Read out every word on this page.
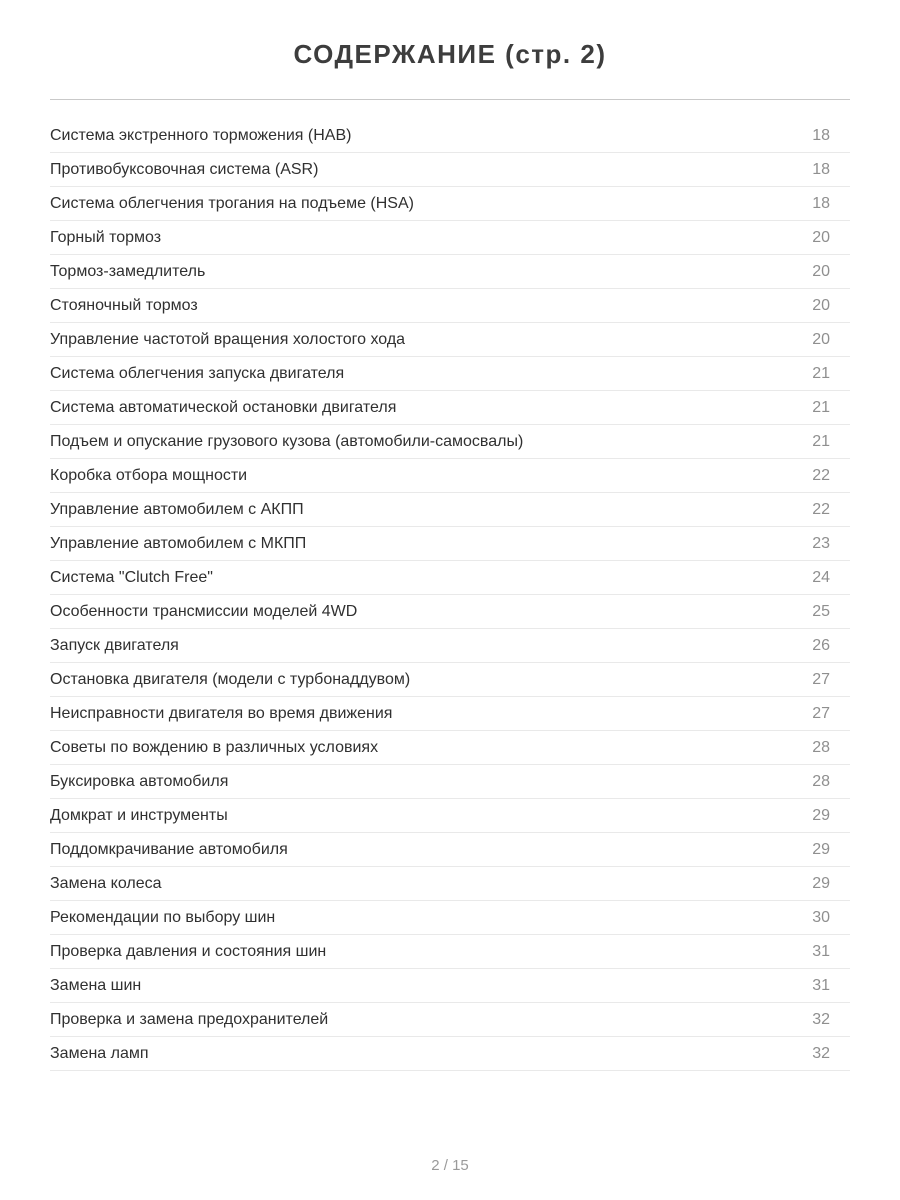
СОДЕРЖАНИЕ (стр. 2)
Система экстренного торможения (HAB)	18
Противобуксовочная система (ASR)	18
Система облегчения трогания на подъеме (HSA)	18
Горный тормоз	20
Тормоз-замедлитель	20
Стояночный тормоз	20
Управление частотой вращения холостого хода	20
Система облегчения запуска двигателя	21
Система автоматической остановки двигателя	21
Подъем и опускание грузового кузова (автомобили-самосвалы)	21
Коробка отбора мощности	22
Управление автомобилем с АКПП	22
Управление автомобилем с МКПП	23
Система "Clutch Free"	24
Особенности трансмиссии моделей 4WD	25
Запуск двигателя	26
Остановка двигателя (модели с турбонаддувом)	27
Неисправности двигателя во время движения	27
Советы по вождению в различных условиях	28
Буксировка автомобиля	28
Домкрат и инструменты	29
Поддомкрачивание автомобиля	29
Замена колеса	29
Рекомендации по выбору шин	30
Проверка давления и состояния шин	31
Замена шин	31
Проверка и замена предохранителей	32
Замена ламп	32
2 / 15
